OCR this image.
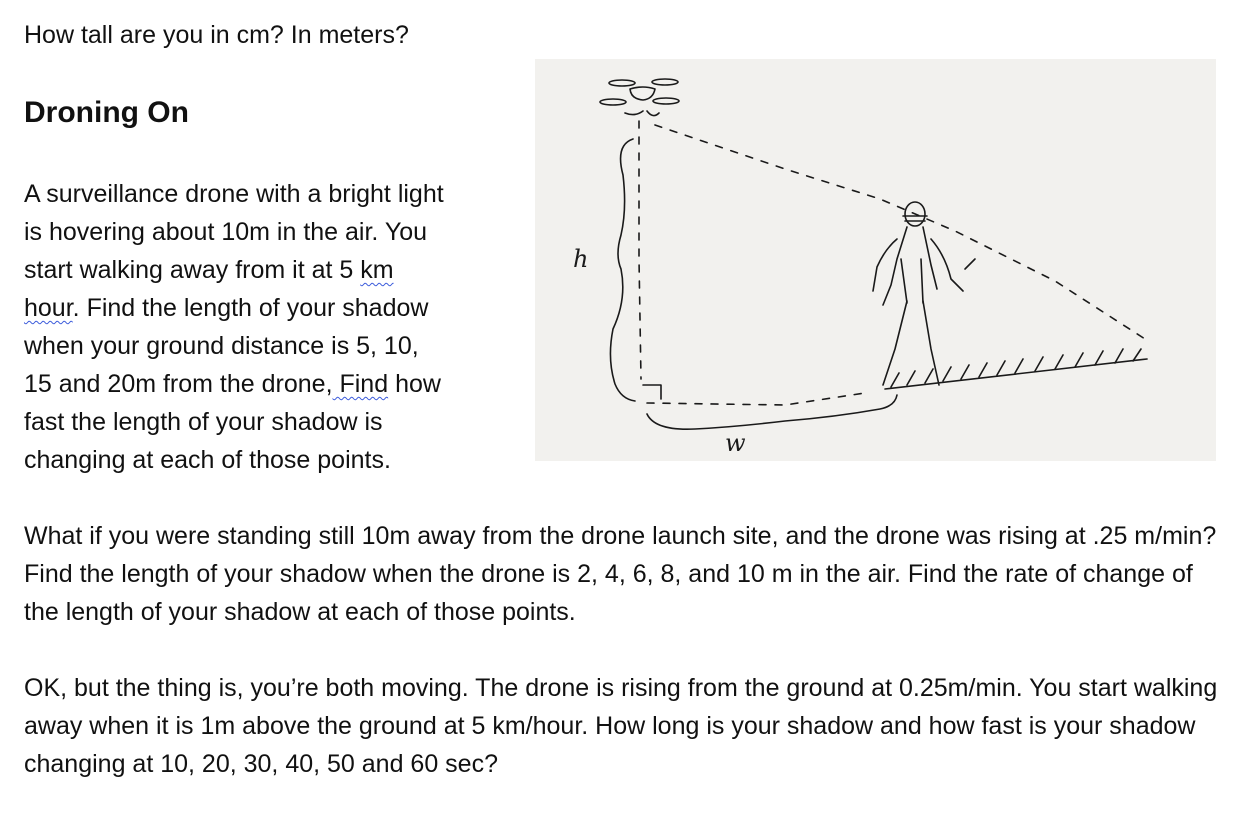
How tall are you in cm? In meters?

Droning On

A surveillance drone with a bright light
is hovering about 10m in the air. You
start walking away from it at 5 km
hour. Find the length of your shadow
when your ground distance is 5, 10,
15 and 20m from the drone, Find how
fast the length of your shadow is
changing at each of those points.

h
w

What if you were standing still 10m away from the drone launch site, and the drone was rising at .25 m/min? Find the length of your shadow when the drone is 2, 4, 6, 8, and 10 m in the air. Find the rate of change of the length of your shadow at each of those points.

OK, but the thing is, you’re both moving. The drone is rising from the ground at 0.25m/min. You start walking away when it is 1m above the ground at 5 km/hour. How long is your shadow and how fast is your shadow changing at 10, 20, 30, 40, 50 and 60 sec?
